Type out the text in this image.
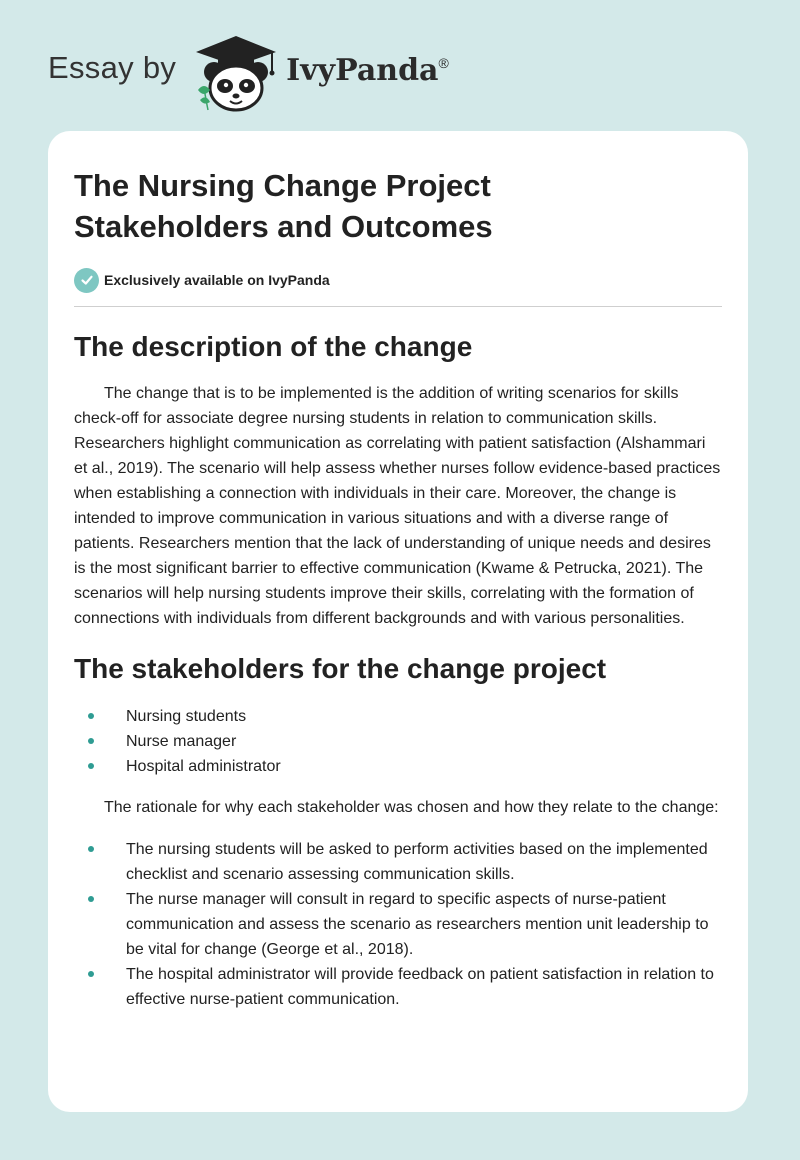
Essay by	IvyPanda®
The Nursing Change Project
Stakeholders and Outcomes
Exclusively available on IvyPanda
The description of the change

The change that is to be implemented is the addition of writing scenarios for skills check-off for associate degree nursing students in relation to communication skills. Researchers highlight communication as correlating with patient satisfaction (Alshammari et al., 2019). The scenario will help assess whether nurses follow evidence-based practices when establishing a connection with individuals in their care. Moreover, the change is intended to improve communication in various situations and with a diverse range of patients. Researchers mention that the lack of understanding of unique needs and desires is the most significant barrier to effective communication (Kwame & Petrucka, 2021). The scenarios will help nursing students improve their skills, correlating with the formation of connections with individuals from different backgrounds and with various personalities.

The stakeholders for the change project
Nursing students
Nurse manager
Hospital administrator

The rationale for why each stakeholder was chosen and how they relate to the change:

The nursing students will be asked to perform activities based on the implemented checklist and scenario assessing communication skills.
The nurse manager will consult in regard to specific aspects of nurse-patient communication and assess the scenario as researchers mention unit leadership to be vital for change (George et al., 2018).
The hospital administrator will provide feedback on patient satisfaction in relation to effective nurse-patient communication.
